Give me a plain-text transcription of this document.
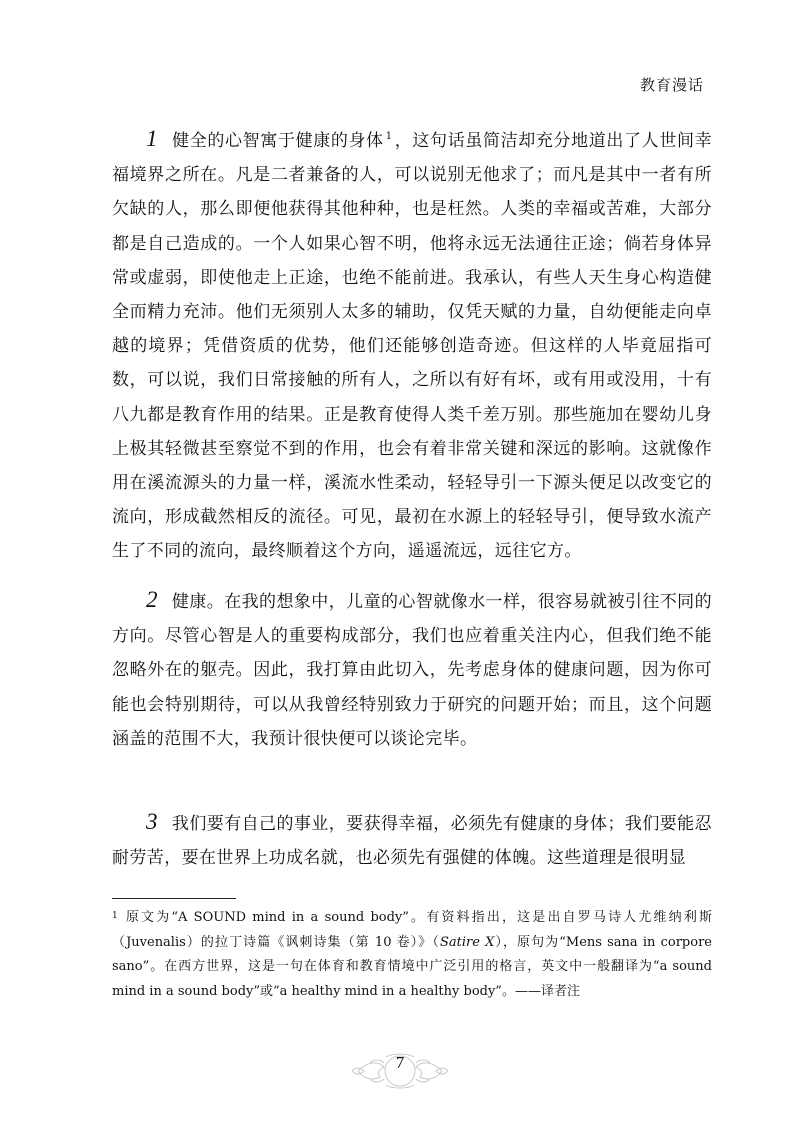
教育漫话

1 健全的心智寓于健康的身体 $^1$ ，这句话虽简洁却充分地道出了人世间幸福境界之所在。凡是二者兼备的人，可以说别无他求了；而凡是其中一者有所欠缺的人，那么即便他获得其他种种，也是枉然。人类的幸福或苦难，大部分都是自己造成的。一个人如果心智不明，他将永远无法通往正途；倘若身体异常或虚弱，即使他走上正途，也绝不能前进。我承认，有些人天生身心构造健全而精力充沛。他们无须别人太多的辅助，仅凭天赋的力量，自幼便能走向卓越的境界；凭借资质的优势，他们还能够创造奇迹。但这样的人毕竟屈指可数，可以说，我们日常接触的所有人，之所以有好有坏，或有用或没用，十有八九都是教育作用的结果。正是教育使得人类千差万别。那些施加在婴幼儿身上极其轻微甚至察觉不到的作用，也会有着非常关键和深远的影响。这就像作用在溪流源头的力量一样，溪流水性柔动，轻轻导引一下源头便足以改变它的流向，形成截然相反的流径。可见，最初在水源上的轻轻导引，便导致水流产生了不同的流向，最终顺着这个方向，遥遥流远，远往它方。

2 健康。在我的想象中，儿童的心智就像水一样，很容易就被引往不同的方向。尽管心智是人的重要构成部分，我们也应着重关注内心，但我们绝不能忽略外在的躯壳。因此，我打算由此切入，先考虑身体的健康问题，因为你可能也会特别期待，可以从我曾经特别致力于研究的问题开始；而且，这个问题涵盖的范围不大，我预计很快便可以谈论完毕。

3 我们要有自己的事业，要获得幸福，必须先有健康的身体；我们要能忍耐劳苦，要在世界上功成名就，也必须先有强健的体魄。这些道理是很明显

$^1$ 原文为“A SOUND mind in a sound body”。有资料指出，这是出自罗马诗人尤维纳利斯（Juvenalis）的拉丁诗篇《讽刺诗集（第 10 卷）》（Satire X），原句为“Mens sana in corpore sano”。在西方世界，这是一句在体育和教育情境中广泛引用的格言，英文中一般翻译为“a sound mind in a sound body”或“a healthy mind in a healthy body”。——译者注
7
